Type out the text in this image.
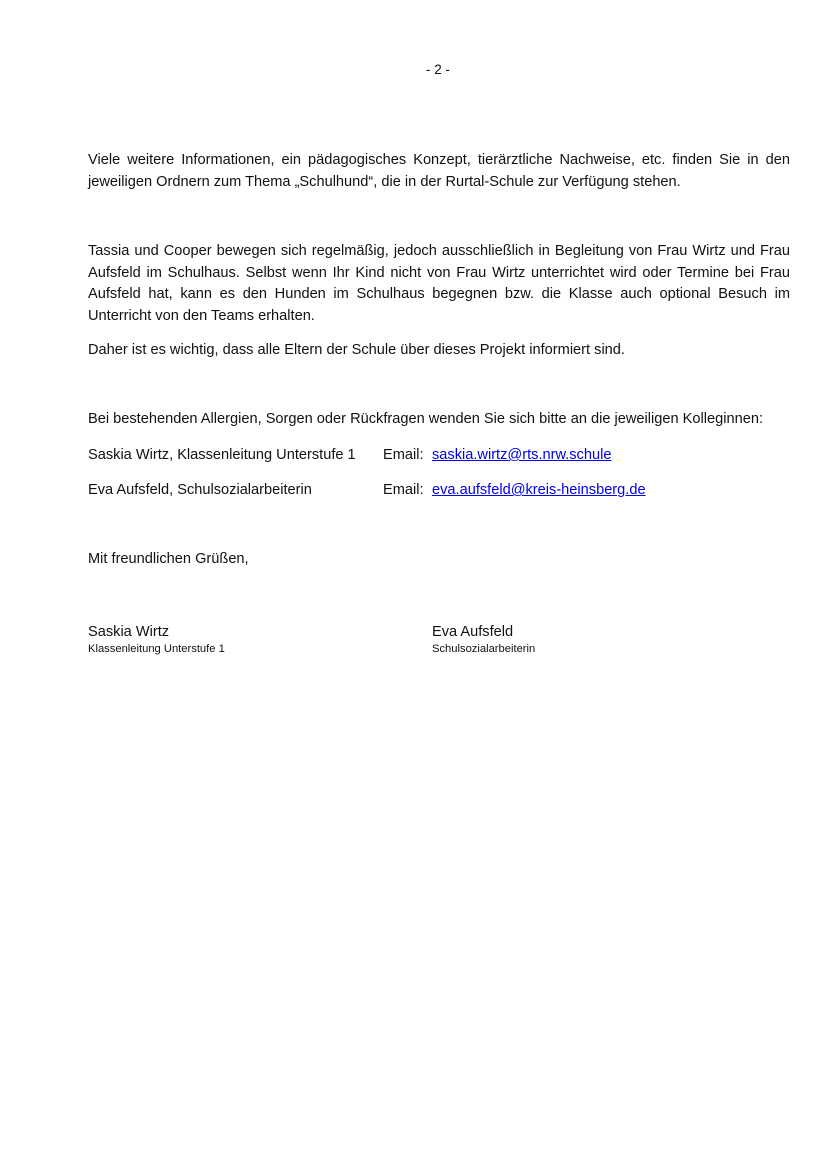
- 2 -

Viele weitere Informationen, ein pädagogisches Konzept, tierärztliche Nachweise, etc. finden Sie in den jeweiligen Ordnern zum Thema „Schulhund“, die in der Rurtal-Schule zur Verfügung stehen.

Tassia und Cooper bewegen sich regelmäßig, jedoch ausschließlich in Begleitung von Frau Wirtz und Frau Aufsfeld im Schulhaus. Selbst wenn Ihr Kind nicht von Frau Wirtz unterrichtet wird oder Termine bei Frau Aufsfeld hat, kann es den Hunden im Schulhaus begegnen bzw. die Klasse auch optional Besuch im Unterricht von den Teams erhalten.

Daher ist es wichtig, dass alle Eltern der Schule über dieses Projekt informiert sind.

Bei bestehenden Allergien, Sorgen oder Rückfragen wenden Sie sich bitte an die jeweiligen Kolleginnen:
Saskia Wirtz, Klassenleitung Unterstufe 1 Email: saskia.wirtz@rts.nrw.schule
Eva Aufsfeld, Schulsozialarbeiterin	Email: eva.aufsfeld@kreis-heinsberg.de
Mit freundlichen Grüßen,
Saskia Wirtz
Klassenleitung Unterstufe 1
Eva Aufsfeld
Schulsozialarbeiterin
